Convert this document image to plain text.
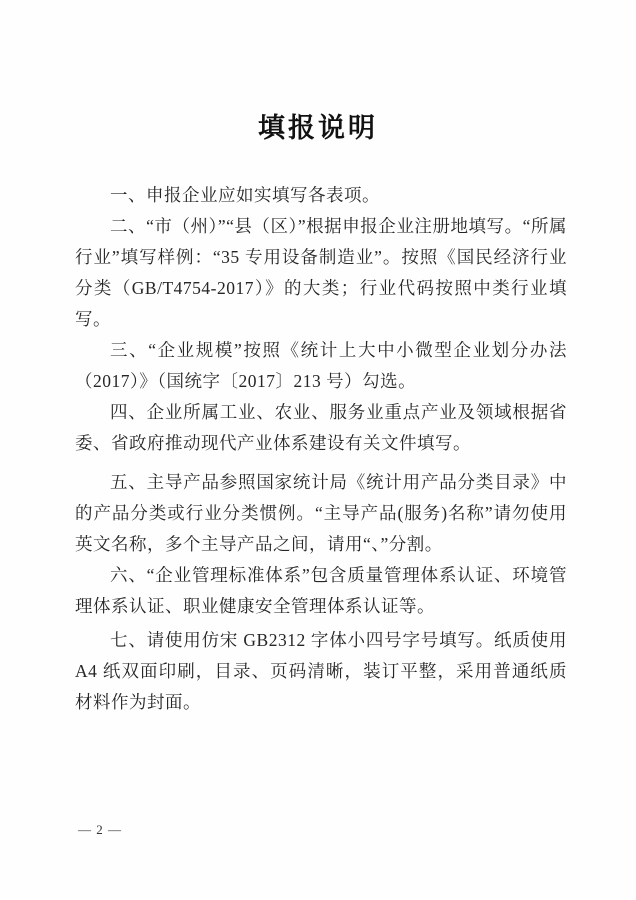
填报说明

一、申报企业应如实填写各表项。

二、“市（州）”“县（区）”根据申报企业注册地填写。“所属行业”填写样例：“35 专用设备制造业”。按照《国民经济行业分类（GB/T4754-2017）》的大类；行业代码按照中类行业填写。

三、“企业规模”按照《统计上大中小微型企业划分办法（2017）》（国统字〔2017〕213 号）勾选。

四、企业所属工业、农业、服务业重点产业及领域根据省委、省政府推动现代产业体系建设有关文件填写。

五、主导产品参照国家统计局《统计用产品分类目录》中的产品分类或行业分类惯例。“主导产品(服务)名称”请勿使用英文名称，多个主导产品之间，请用“、”分割。

六、“企业管理标准体系”包含质量管理体系认证、环境管理体系认证、职业健康安全管理体系认证等。

七、请使用仿宋 GB2312 字体小四号字号填写。纸质使用 A4 纸双面印刷，目录、页码清晰，装订平整，采用普通纸质材料作为封面。

— 2 —
